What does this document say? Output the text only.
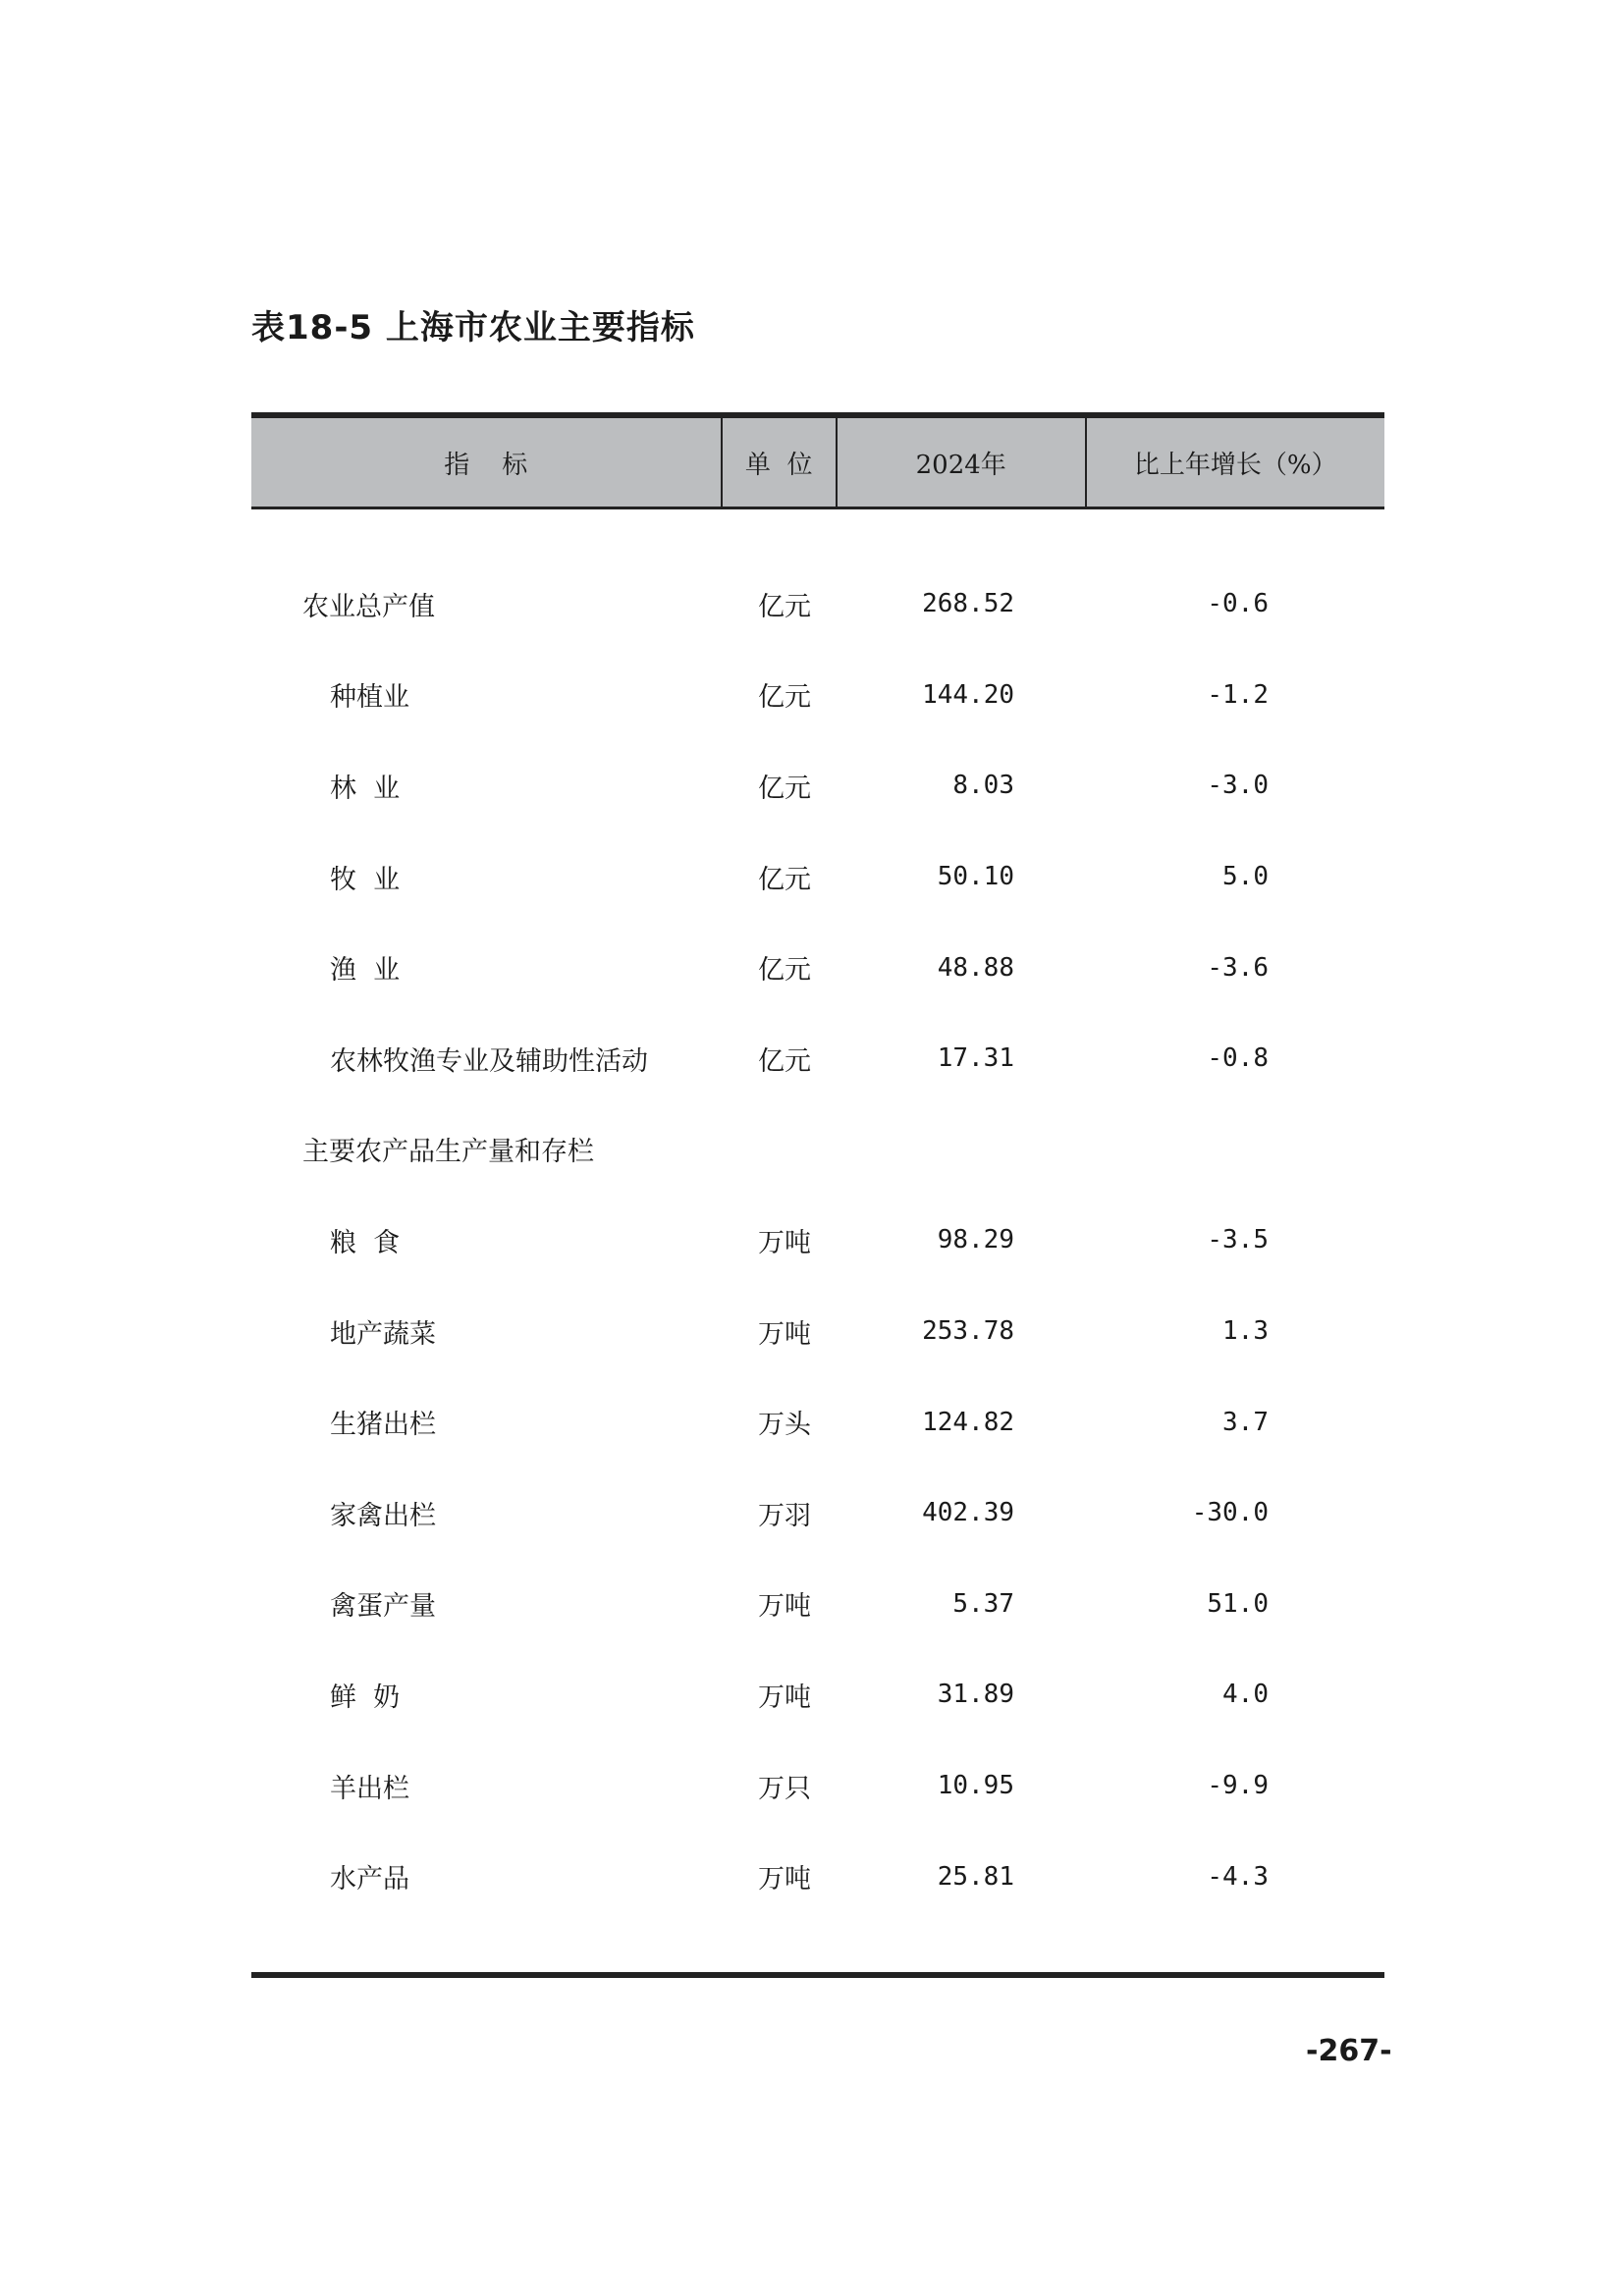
表18-5 上海市农业主要指标
指    标	单  位	2024年	比上年增长（%）
农业总产值	亿元	268.52	-0.6
种植业	亿元	144.20	-1.2
林  业	亿元	8.03	-3.0
牧  业	亿元	50.10	5.0
渔  业	亿元	48.88	-3.6
农林牧渔专业及辅助性活动	亿元	17.31	-0.8
主要农产品生产量和存栏
粮  食	万吨	98.29	-3.5
地产蔬菜	万吨	253.78	1.3
生猪出栏	万头	124.82	3.7
家禽出栏	万羽	402.39	-30.0
禽蛋产量	万吨	5.37	51.0
鲜  奶	万吨	31.89	4.0
羊出栏	万只	10.95	-9.9
水产品	万吨	25.81	-4.3
-267-
